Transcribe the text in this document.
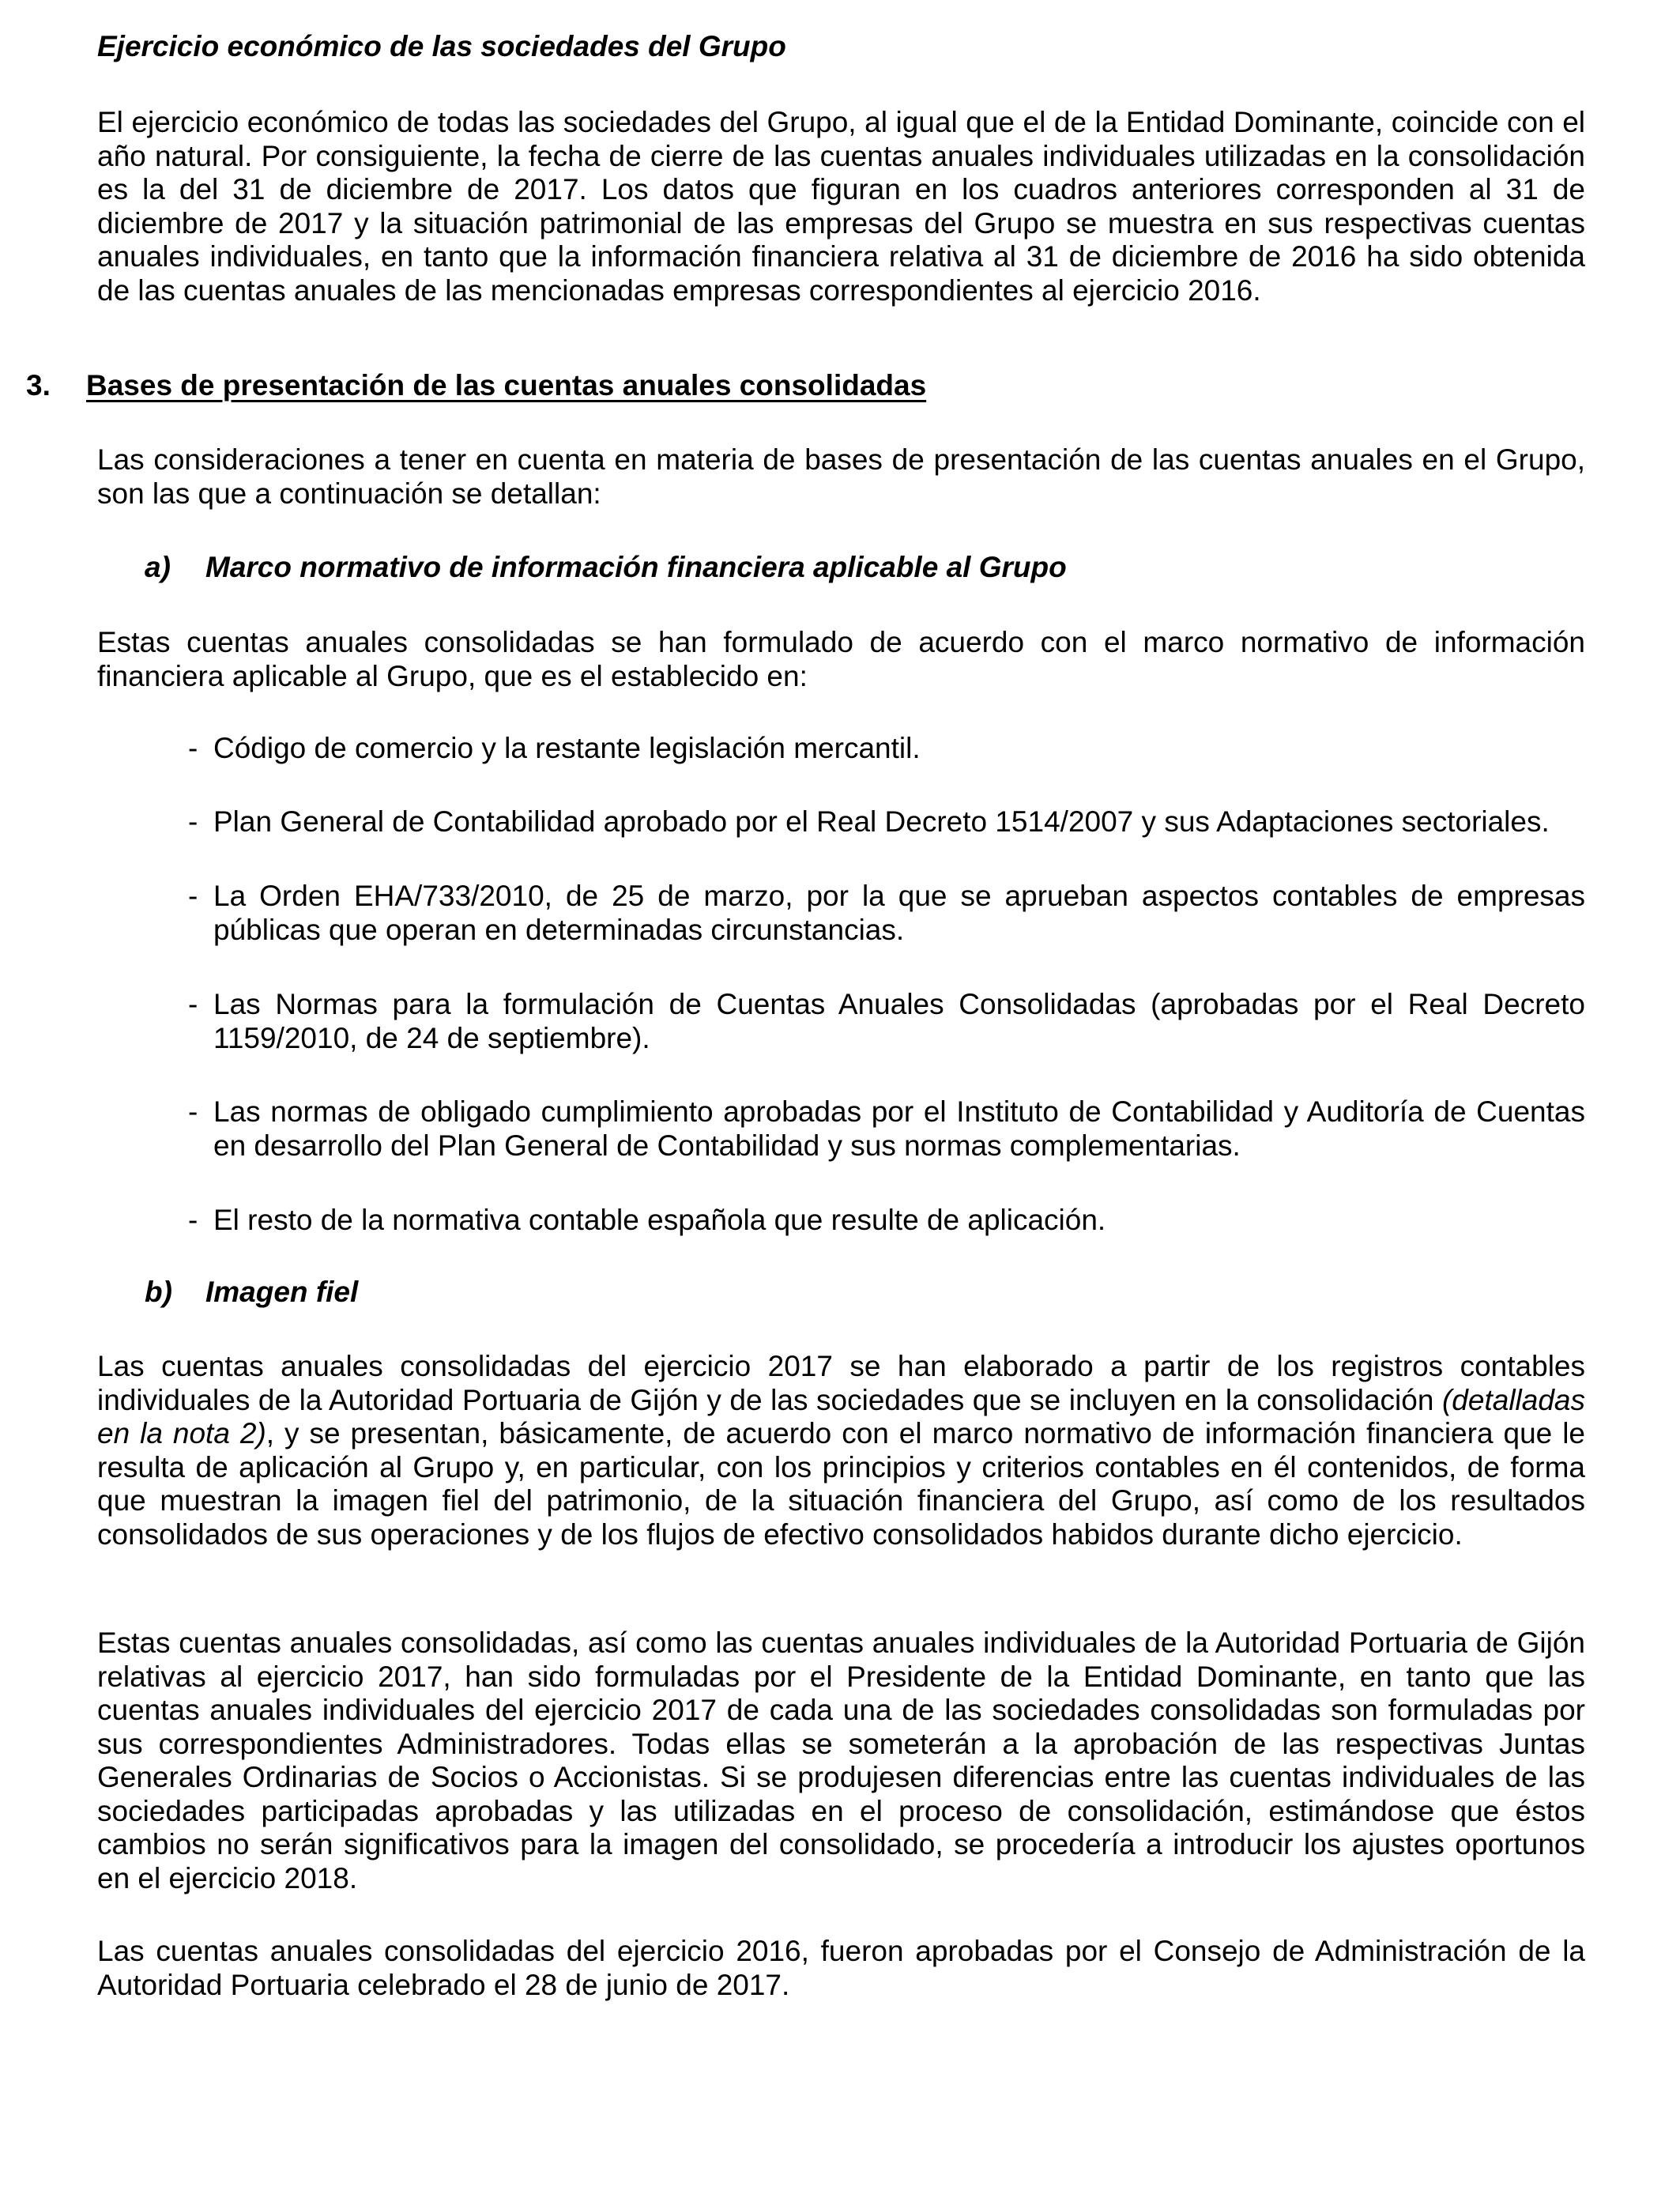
Ejercicio económico de las sociedades del Grupo
El ejercicio económico de todas las sociedades del Grupo, al igual que el de la Entidad Dominante, coincide con el año natural. Por consiguiente, la fecha de cierre de las cuentas anuales individuales utilizadas en la consolidación es la del 31 de diciembre de 2017. Los datos que figuran en los cuadros anteriores corresponden al 31 de diciembre de 2017 y la situación patrimonial de las empresas del Grupo se muestra en sus respectivas cuentas anuales individuales, en tanto que la información financiera relativa al 31 de diciembre de 2016 ha sido obtenida de las cuentas anuales de las mencionadas empresas correspondientes al ejercicio 2016.
3. Bases de presentación de las cuentas anuales consolidadas
Las consideraciones a tener en cuenta en materia de bases de presentación de las cuentas anuales en el Grupo, son las que a continuación se detallan:
a) Marco normativo de información financiera aplicable al Grupo
Estas cuentas anuales consolidadas se han formulado de acuerdo con el marco normativo de información financiera aplicable al Grupo, que es el establecido en:
- Código de comercio y la restante legislación mercantil.
- Plan General de Contabilidad aprobado por el Real Decreto 1514/2007 y sus Adaptaciones sectoriales.
- La Orden EHA/733/2010, de 25 de marzo, por la que se aprueban aspectos contables de empresas públicas que operan en determinadas circunstancias.
- Las Normas para la formulación de Cuentas Anuales Consolidadas (aprobadas por el Real Decreto 1159/2010, de 24 de septiembre).
- Las normas de obligado cumplimiento aprobadas por el Instituto de Contabilidad y Auditoría de Cuentas en desarrollo del Plan General de Contabilidad y sus normas complementarias.
- El resto de la normativa contable española que resulte de aplicación.
b) Imagen fiel
Las cuentas anuales consolidadas del ejercicio 2017 se han elaborado a partir de los registros contables individuales de la Autoridad Portuaria de Gijón y de las sociedades que se incluyen en la consolidación (detalladas en la nota 2), y se presentan, básicamente, de acuerdo con el marco normativo de información financiera que le resulta de aplicación al Grupo y, en particular, con los principios y criterios contables en él contenidos, de forma que muestran la imagen fiel del patrimonio, de la situación financiera del Grupo, así como de los resultados consolidados de sus operaciones y de los flujos de efectivo consolidados habidos durante dicho ejercicio.
Estas cuentas anuales consolidadas, así como las cuentas anuales individuales de la Autoridad Portuaria de Gijón relativas al ejercicio 2017, han sido formuladas por el Presidente de la Entidad Dominante, en tanto que las cuentas anuales individuales del ejercicio 2017 de cada una de las sociedades consolidadas son formuladas por sus correspondientes Administradores. Todas ellas se someterán a la aprobación de las respectivas Juntas Generales Ordinarias de Socios o Accionistas. Si se produjesen diferencias entre las cuentas individuales de las sociedades participadas aprobadas y las utilizadas en el proceso de consolidación, estimándose que éstos cambios no serán significativos para la imagen del consolidado, se procedería a introducir los ajustes oportunos en el ejercicio 2018.
Las cuentas anuales consolidadas del ejercicio 2016, fueron aprobadas por el Consejo de Administración de la Autoridad Portuaria celebrado el 28 de junio de 2017.
